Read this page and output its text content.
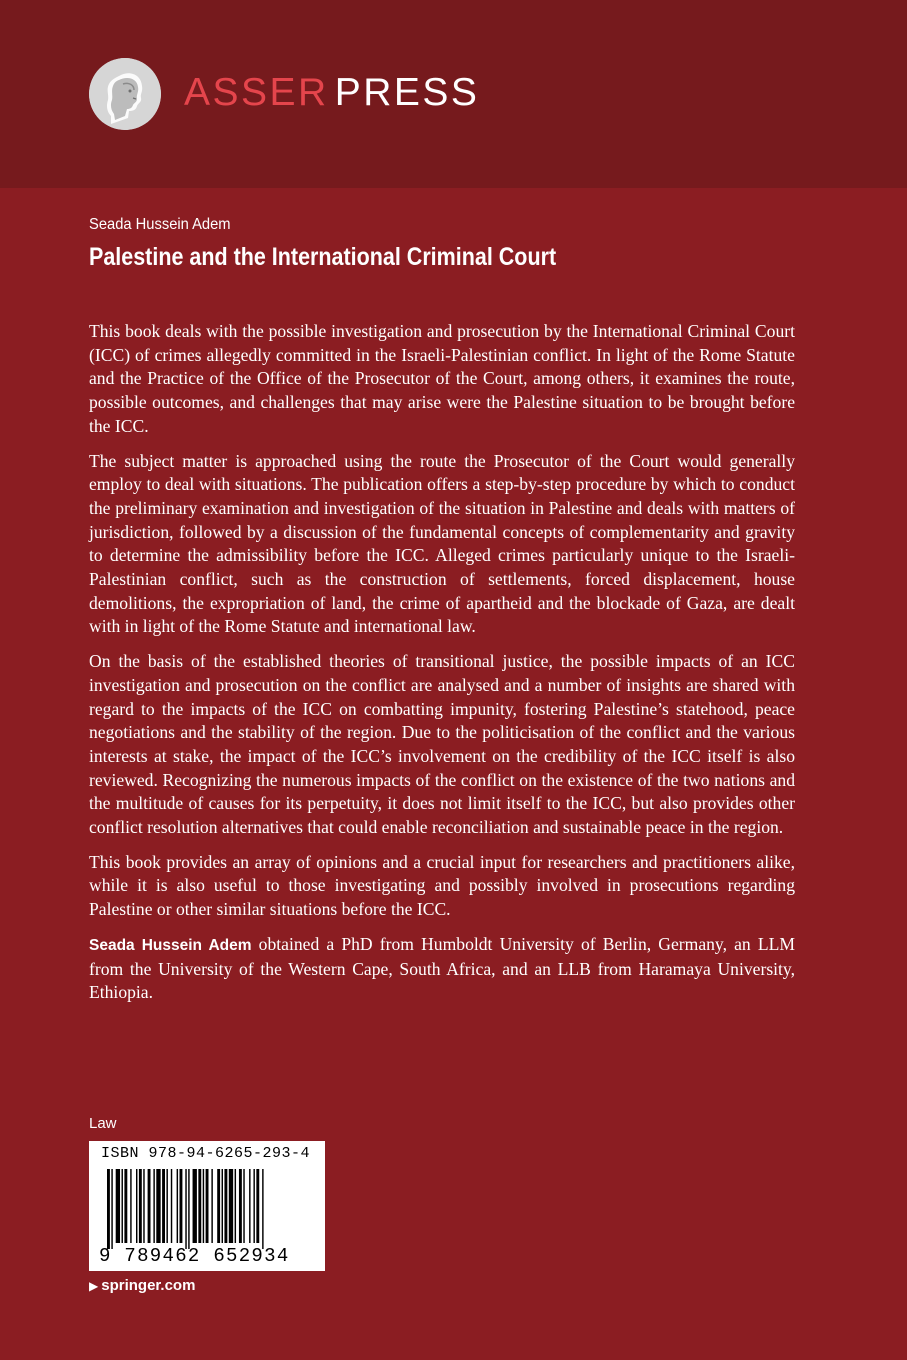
ASSER PRESS
Seada Hussein Adem
Palestine and the International Criminal Court

This book deals with the possible investigation and prosecution by the International Criminal Court (ICC) of crimes allegedly committed in the Israeli-Palestinian conflict. In light of the Rome Statute and the Practice of the Office of the Prosecutor of the Court, among others, it examines the route, possible outcomes, and challenges that may arise were the Palestine situation to be brought before the ICC.

The subject matter is approached using the route the Prosecutor of the Court would generally employ to deal with situations. The publication offers a step-by-step procedure by which to conduct the preliminary examination and investigation of the situation in Palestine and deals with matters of jurisdiction, followed by a discussion of the fundamental concepts of complementarity and gravity to determine the admissibility before the ICC. Alleged crimes particularly unique to the Israeli-Palestinian conflict, such as the construction of settlements, forced displacement, house demolitions, the expropriation of land, the crime of apartheid and the blockade of Gaza, are dealt with in light of the Rome Statute and international law.

On the basis of the established theories of transitional justice, the possible impacts of an ICC investigation and prosecution on the conflict are analysed and a number of insights are shared with regard to the impacts of the ICC on combatting impunity, fostering Palestine’s statehood, peace negotiations and the stability of the region. Due to the politicisation of the conflict and the various interests at stake, the impact of the ICC’s involvement on the credibility of the ICC itself is also reviewed. Recognizing the numerous impacts of the conflict on the existence of the two nations and the multitude of causes for its perpetuity, it does not limit itself to the ICC, but also provides other conflict resolution alternatives that could enable reconciliation and sustainable peace in the region.

This book provides an array of opinions and a crucial input for researchers and practitioners alike, while it is also useful to those investigating and possibly involved in prosecutions regarding Palestine or other similar situations before the ICC.

Seada Hussein Adem obtained a PhD from Humboldt University of Berlin, Germany, an LLM from the University of the Western Cape, South Africa, and an LLB from Haramaya University, Ethiopia.

Law
ISBN 978-94-6265-293-4
9 789462 652934
▶ springer.com
